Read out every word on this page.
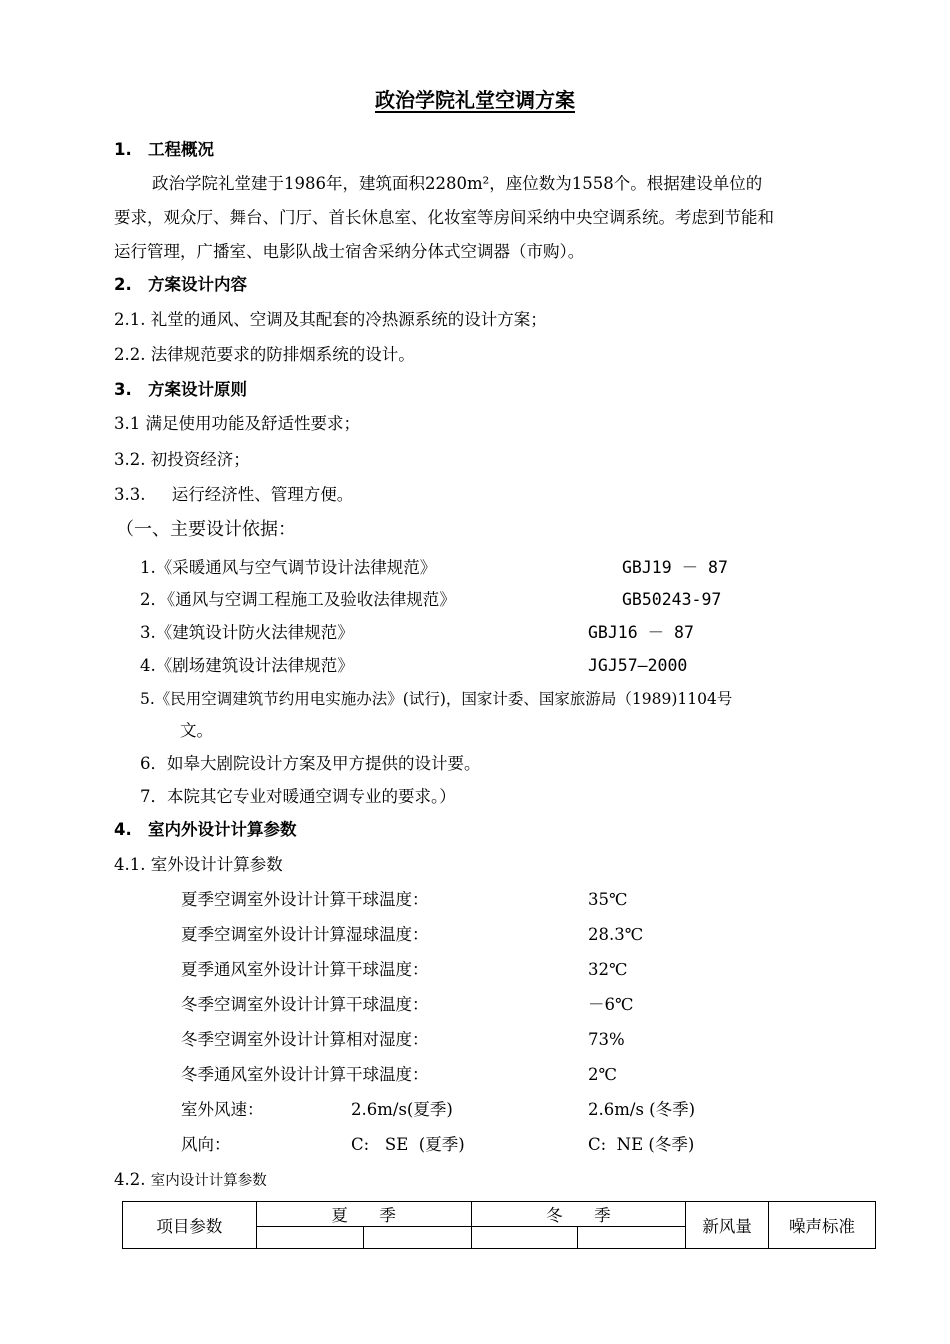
政治学院礼堂空调方案
1. 工程概况
政治学院礼堂建于1986年，建筑面积2280m²，座位数为1558个。根据建设单位的
要求，观众厅、舞台、门厅、首长休息室、化妆室等房间采纳中央空调系统。考虑到节能和
运行管理，广播室、电影队战士宿舍采纳分体式空调器（市购）。
2. 方案设计内容
2.1. 礼堂的通风、空调及其配套的冷热源系统的设计方案；
2.2. 法律规范要求的防排烟系统的设计。
3. 方案设计原则
3.1 满足使用功能及舒适性要求；
3.2. 初投资经济；
3.3.     运行经济性、管理方便。
（一、主要设计依据：
1.《采暖通风与空气调节设计法律规范》	GBJ19 － 87
2．《通风与空调工程施工及验收法律规范》	GB50243-97
3.《建筑设计防火法律规范》	GBJ16 － 87
4.《剧场建筑设计法律规范》	JGJ57—2000
5.《民用空调建筑节约用电实施办法》(试行)，国家计委、国家旅游局（1989)1104号
文。
6．如皋大剧院设计方案及甲方提供的设计要。
7．本院其它专业对暖通空调专业的要求。）
4. 室内外设计计算参数
4.1. 室外设计计算参数
夏季空调室外设计计算干球温度：	35℃
夏季空调室外设计计算湿球温度：	28.3℃
夏季通风室外设计计算干球温度：	32℃
冬季空调室外设计计算干球温度：	－6℃
冬季空调室外设计计算相对湿度：	73%
冬季通风室外设计计算干球温度：	2℃
室外风速：	2.6m/s(夏季)	2.6m/s (冬季)
风向：	C:   SE  (夏季)	C:  NE (冬季)
4.2. 室内设计计算参数
项目参数	夏      季		冬      季		新风量	噪声标准
